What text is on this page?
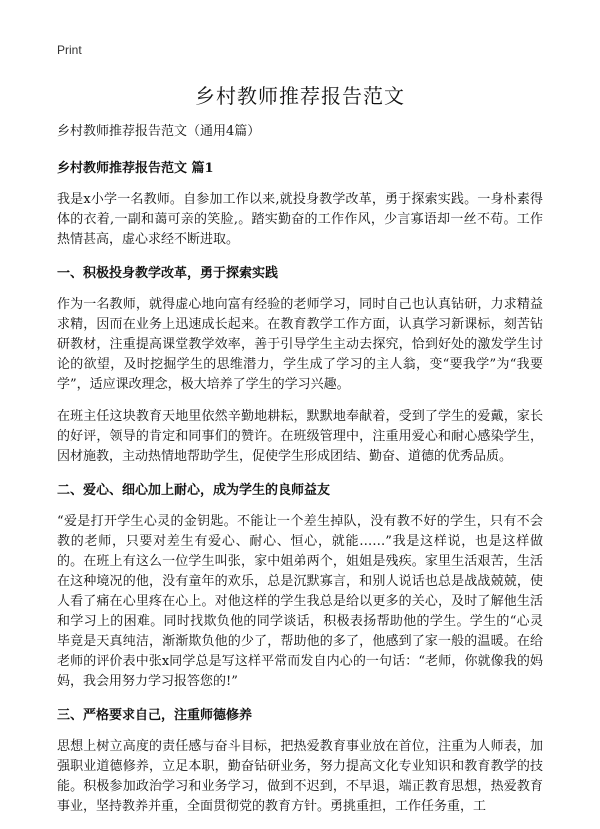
Print
乡村教师推荐报告范文

乡村教师推荐报告范文（通用4篇）

乡村教师推荐报告范文 篇1

我是x小学一名教师。自参加工作以来,就投身教学改革，勇于探索实践。一身朴素得体的衣着,一副和蔼可亲的笑脸,。踏实勤奋的工作作风，少言寡语却一丝不苟。工作热情甚高，虚心求经不断进取。

一、积极投身教学改革，勇于探索实践

作为一名教师，就得虚心地向富有经验的老师学习，同时自己也认真钻研，力求精益求精，因而在业务上迅速成长起来。在教育教学工作方面，认真学习新课标，刻苦钻研教材，注重提高课堂教学效率，善于引导学生主动去探究，恰到好处的激发学生讨论的欲望，及时挖掘学生的思维潜力，学生成了学习的主人翁，变“要我学”为“我要学”，适应课改理念，极大培养了学生的学习兴趣。

在班主任这块教育天地里依然辛勤地耕耘，默默地奉献着，受到了学生的爱戴，家长的好评，领导的肯定和同事们的赞许。在班级管理中，注重用爱心和耐心感染学生，因材施教，主动热情地帮助学生，促使学生形成团结、勤奋、道德的优秀品质。

二、爱心、细心加上耐心，成为学生的良师益友

“爱是打开学生心灵的金钥匙。不能让一个差生掉队，没有教不好的学生，只有不会教的老师，只要对差生有爱心、耐心、恒心，就能……”我是这样说，也是这样做的。在班上有这么一位学生叫张，家中姐弟两个，姐姐是残疾。家里生活艰苦，生活在这种境况的他，没有童年的欢乐，总是沉默寡言，和别人说话也总是战战兢兢，使人看了痛在心里疼在心上。对他这样的学生我总是给以更多的关心，及时了解他生活和学习上的困难。同时找欺负他的同学谈话，积极表扬帮助他的学生。学生的“心灵毕竟是天真纯洁，渐渐欺负他的少了，帮助他的多了，他感到了家一般的温暖。在给老师的评价表中张x同学总是写这样平常而发自内心的一句话：“老师，你就像我的妈妈，我会用努力学习报答您的!”

三、严格要求自己，注重师德修养

思想上树立高度的责任感与奋斗目标，把热爱教育事业放在首位，注重为人师表，加强职业道德修养，立足本职，勤奋钻研业务，努力提高文化专业知识和教育教学的技能。积极参加政治学习和业务学习，做到不迟到，不早退，端正教育思想，热爱教育事业，坚持教养并重，全面贯彻党的教育方针。勇挑重担，工作任务重，工
